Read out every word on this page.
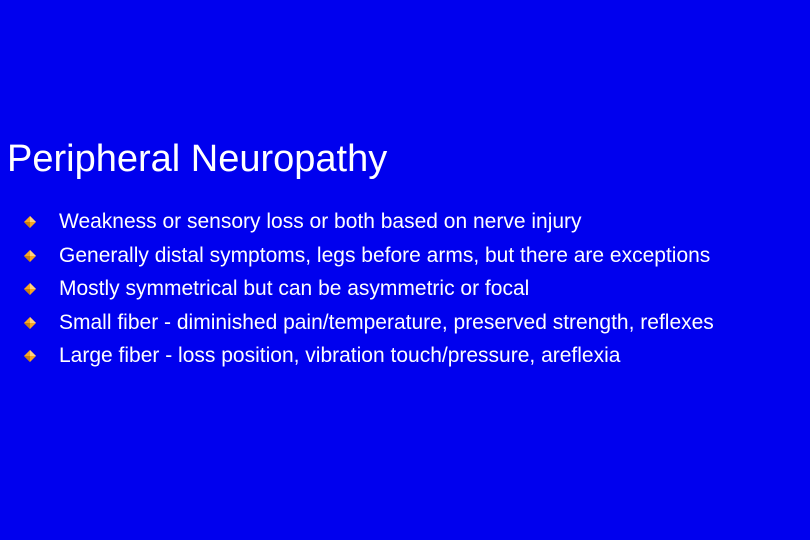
Peripheral Neuropathy
Weakness or sensory loss or both based on nerve injury
Generally distal symptoms, legs before arms, but there are exceptions
Mostly symmetrical but can be asymmetric or focal
Small fiber - diminished pain/temperature, preserved strength, reflexes
Large fiber - loss position, vibration touch/pressure, areflexia
